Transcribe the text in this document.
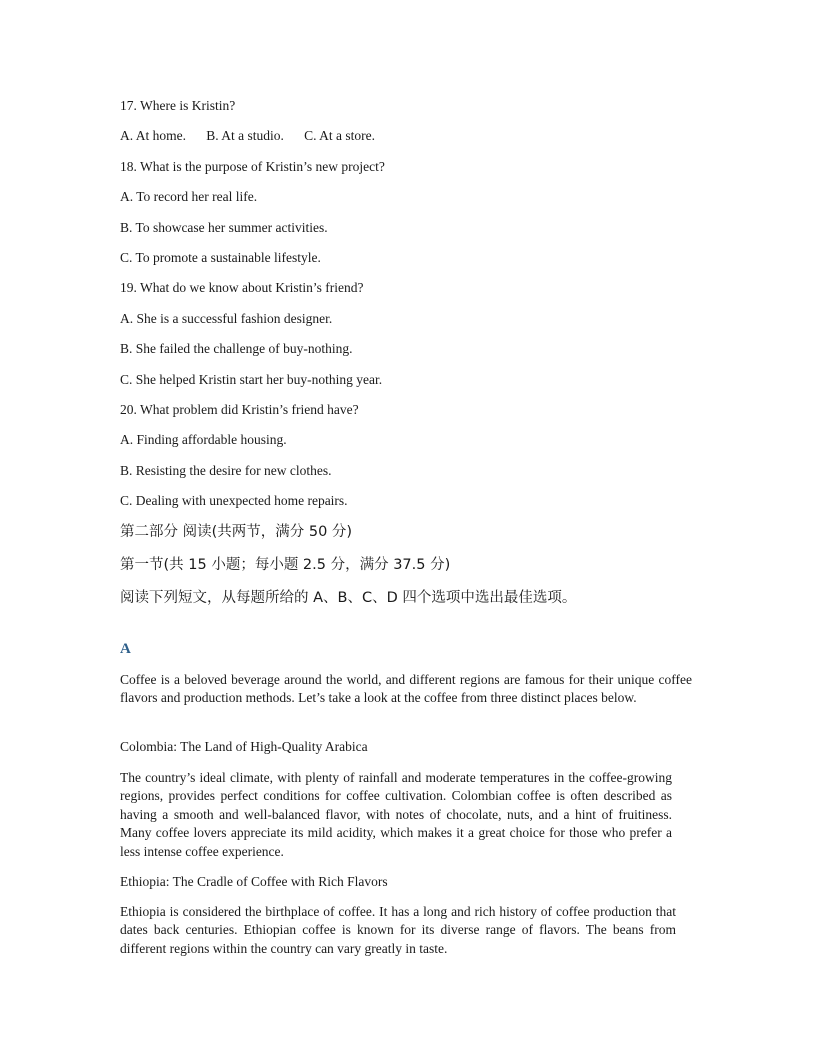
17. Where is Kristin?

A. At home.      B. At a studio.      C. At a store.

18. What is the purpose of Kristin’s new project?

A. To record her real life.

B. To showcase her summer activities.

C. To promote a sustainable lifestyle.

19. What do we know about Kristin’s friend?

A. She is a successful fashion designer.

B. She failed the challenge of buy-nothing.

C. She helped Kristin start her buy-nothing year.

20. What problem did Kristin’s friend have?

A. Finding affordable housing.

B. Resisting the desire for new clothes.

C. Dealing with unexpected home repairs.

第二部分 阅读(共两节，满分 50 分)

第一节(共 15 小题；每小题 2.5 分，满分 37.5 分)

阅读下列短文，从每题所给的 A、B、C、D 四个选项中选出最佳选项。

A

Coffee is a beloved beverage around the world, and different regions are famous for their unique coffee flavors and production methods. Let’s take a look at the coffee from three distinct places below.

Colombia: The Land of High-Quality Arabica

The country’s ideal climate, with plenty of rainfall and moderate temperatures in the coffee-growing regions, provides perfect conditions for coffee cultivation. Colombian coffee is often described as having a smooth and well-balanced flavor, with notes of chocolate, nuts, and a hint of fruitiness. Many coffee lovers appreciate its mild acidity, which makes it a great choice for those who prefer a less intense coffee experience.

Ethiopia: The Cradle of Coffee with Rich Flavors

Ethiopia is considered the birthplace of coffee. It has a long and rich history of coffee production that dates back centuries. Ethiopian coffee is known for its diverse range of flavors. The beans from different regions within the country can vary greatly in taste.
